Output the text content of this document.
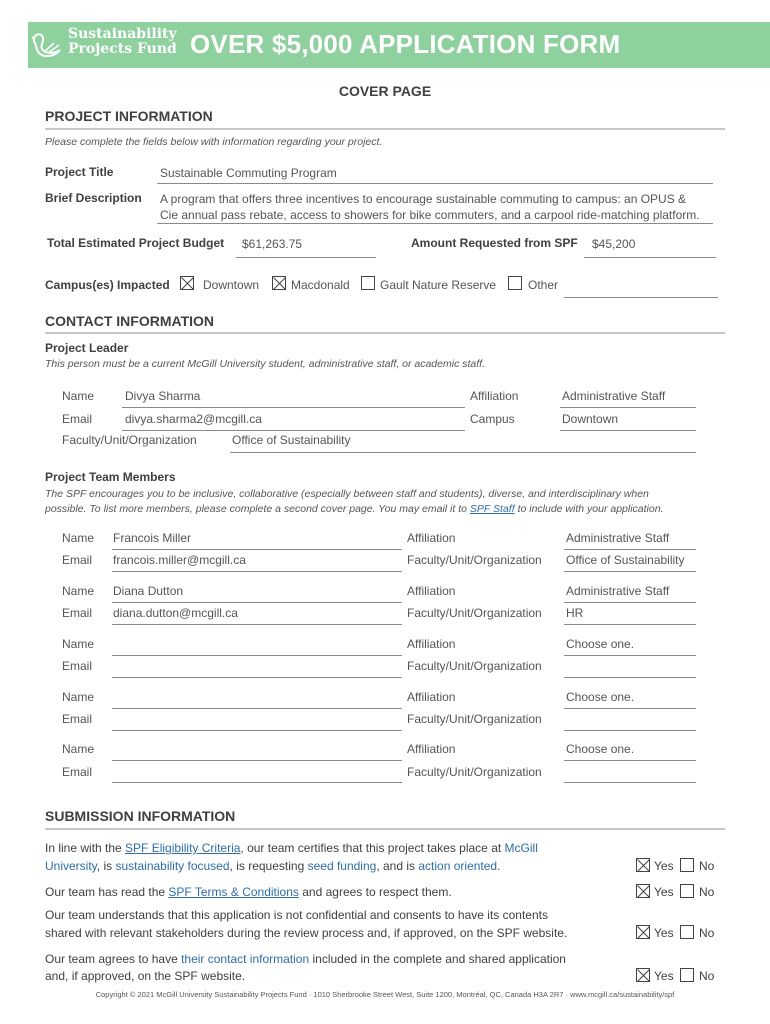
Sustainability
Projects Fund OVER $5,000 APPLICATION FORM
COVER PAGE
PROJECT INFORMATION
Please complete the fields below with information regarding your project.
Project Title	Sustainable Commuting Program
Brief Description A program that offers three incentives to encourage sustainable commuting to campus: an OPUS &
Cie annual pass rebate, access to showers for bike commuters, and a carpool ride-matching platform.
Total Estimated Project Budget $61,263.75	Amount Requested from SPF $45,200
Campus(es) Impacted	Downtown	Macdonald	Gault Nature Reserve	Other
CONTACT INFORMATION
Project Leader
This person must be a current McGill University student, administrative staff, or academic staff.
Name	Divya Sharma	Affiliation	Administrative Staff
Email	divya.sharma2@mcgill.ca	Campus	Downtown
Faculty/Unit/Organization	Office of Sustainability
Project Team Members
The SPF encourages you to be inclusive, collaborative (especially between staff and students), diverse, and interdisciplinary when
possible. To list more members, please complete a second cover page. You may email it to SPF Staff to include with your application.
Name Francois Miller	Affiliation	Administrative Staff
Email francois.miller@mcgill.ca	Faculty/Unit/Organization Office of Sustainability
Name Diana Dutton	Affiliation	Administrative Staff
Email diana.dutton@mcgill.ca	Faculty/Unit/Organization HR
Name	Affiliation	Choose one.
Email	Faculty/Unit/Organization
Name	Affiliation	Choose one.
Email	Faculty/Unit/Organization
Name	Affiliation	Choose one.
Email	Faculty/Unit/Organization
SUBMISSION INFORMATION
In line with the SPF Eligibility Criteria, our team certifies that this project takes place at McGill
University, is sustainability focused, is requesting seed funding, and is action oriented.	Yes No
Our team has read the SPF Terms & Conditions and agrees to respect them.	Yes No
Our team understands that this application is not confidential and consents to have its contents
shared with relevant stakeholders during the review process and, if approved, on the SPF website.	Yes No
Our team agrees to have their contact information included in the complete and shared application
and, if approved, on the SPF website.	Yes No
Copyright © 2021 McGill University Sustainability Projects Fund · 1010 Sherbrooke Street West, Suite 1200, Montréal, QC, Canada H3A 2R7 · www.mcgill.ca/sustainability/spf
